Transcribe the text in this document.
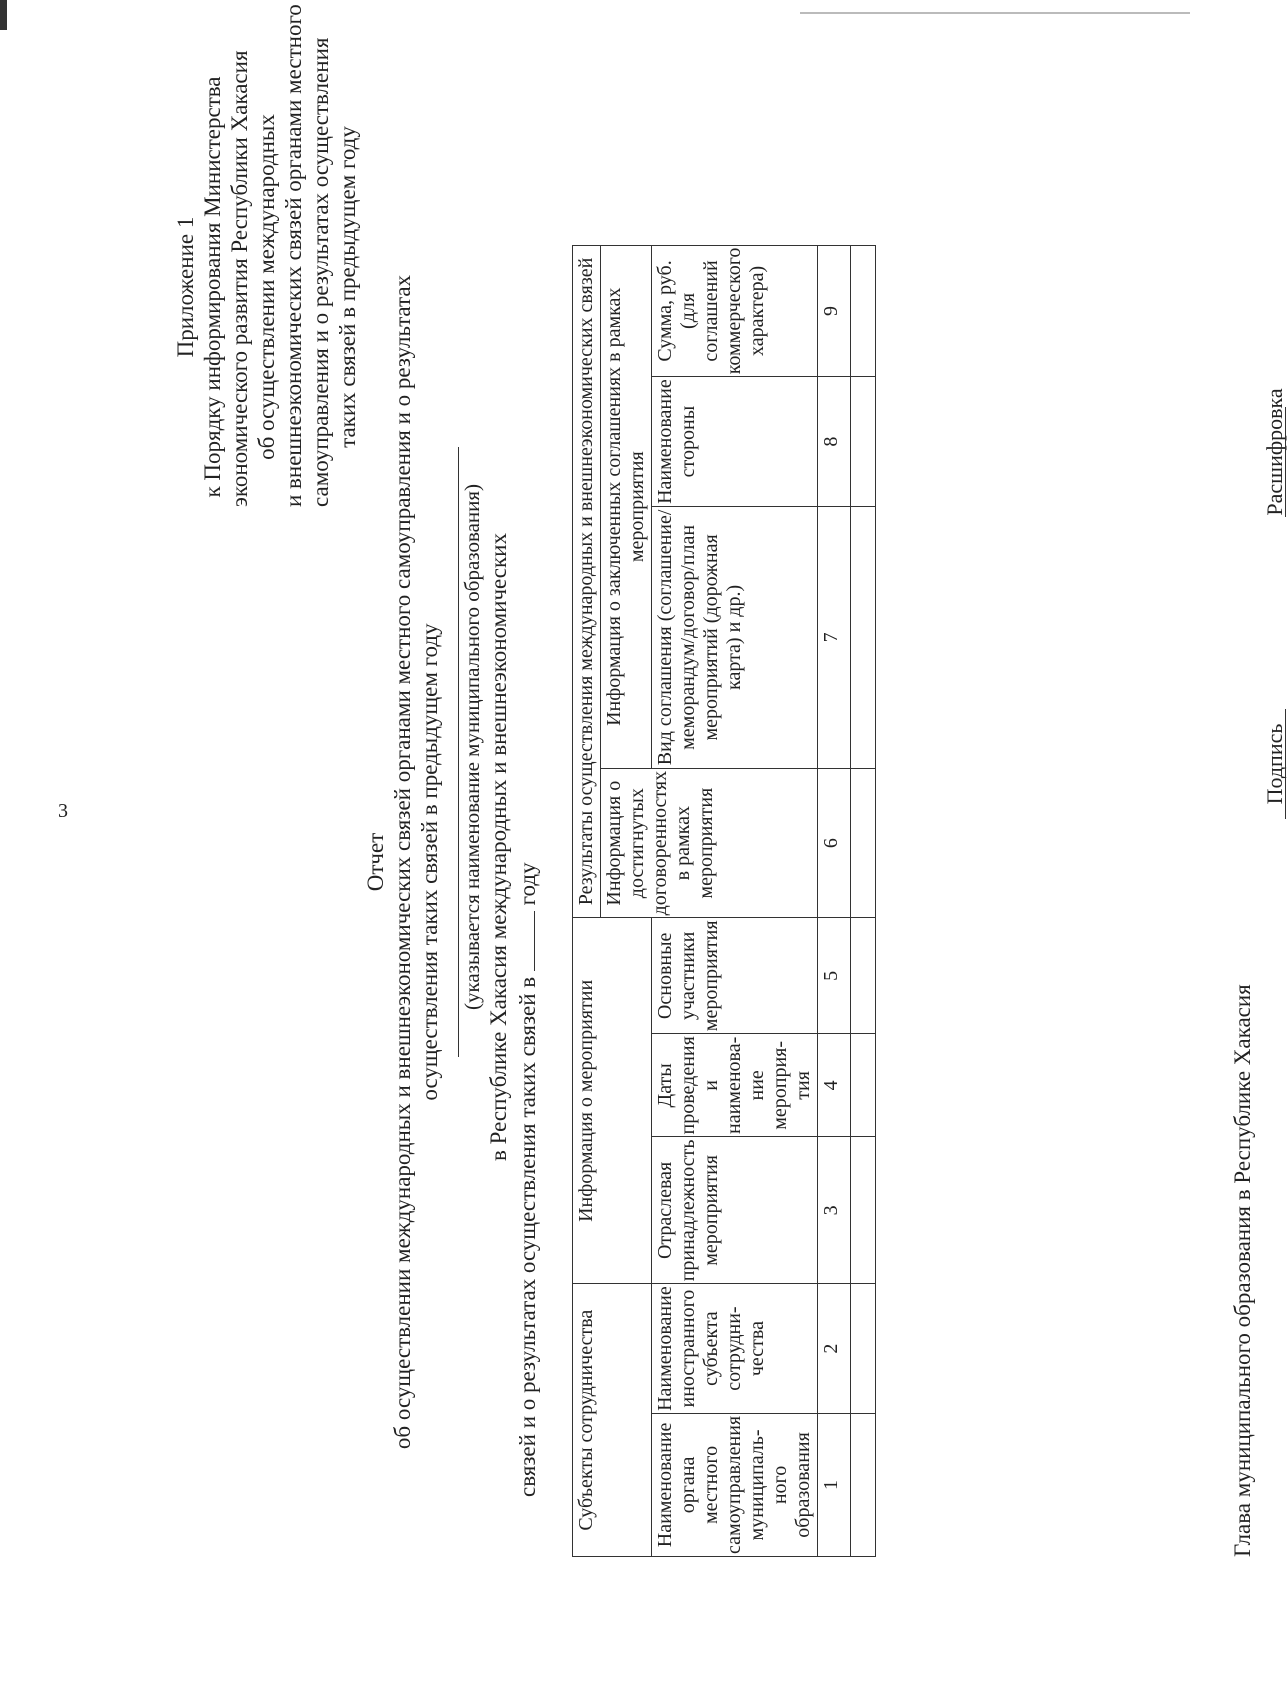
3
Приложение 1 к Порядку информирования Министерства экономического развития Республики Хакасия об осуществлении международных и внешнеэкономических связей органами местного самоуправления и о результатах осуществления таких связей в предыдущем году
Отчет об осуществлении международных и внешнеэкономических связей органами местного самоуправления и о результатах осуществления таких связей в предыдущем году (указывается наименование муниципального образования) в Республике Хакасия международных и внешнеэкономических
связей и о результатах осуществления таких связей в  году
Субъекты сотрудничества		Информация о мероприятии			Результаты осуществления международных и внешнеэкономических связей			
					Информация о достигнутых договоренностях в рамках мероприятия	Информация о заключенных соглашениях в рамках мероприятия		
Наименование органа местного самоуправления муниципаль-ного образования	Наименование иностранного субъекта сотрудни-чества	Отраслевая принадлежность мероприятия	Даты проведения и наименова-ние мероприя-тия	Основные участники мероприятия		Вид соглашения (соглашение/меморандум/договор/план мероприятий (дорожная карта) и др.)	Наименование стороны	Сумма, руб. (для соглашений коммерческого характера)
1	2	3	4	5	6	7	8	9

Глава муниципального образования в Республике Хакасия
Подпись
Расшифровка
